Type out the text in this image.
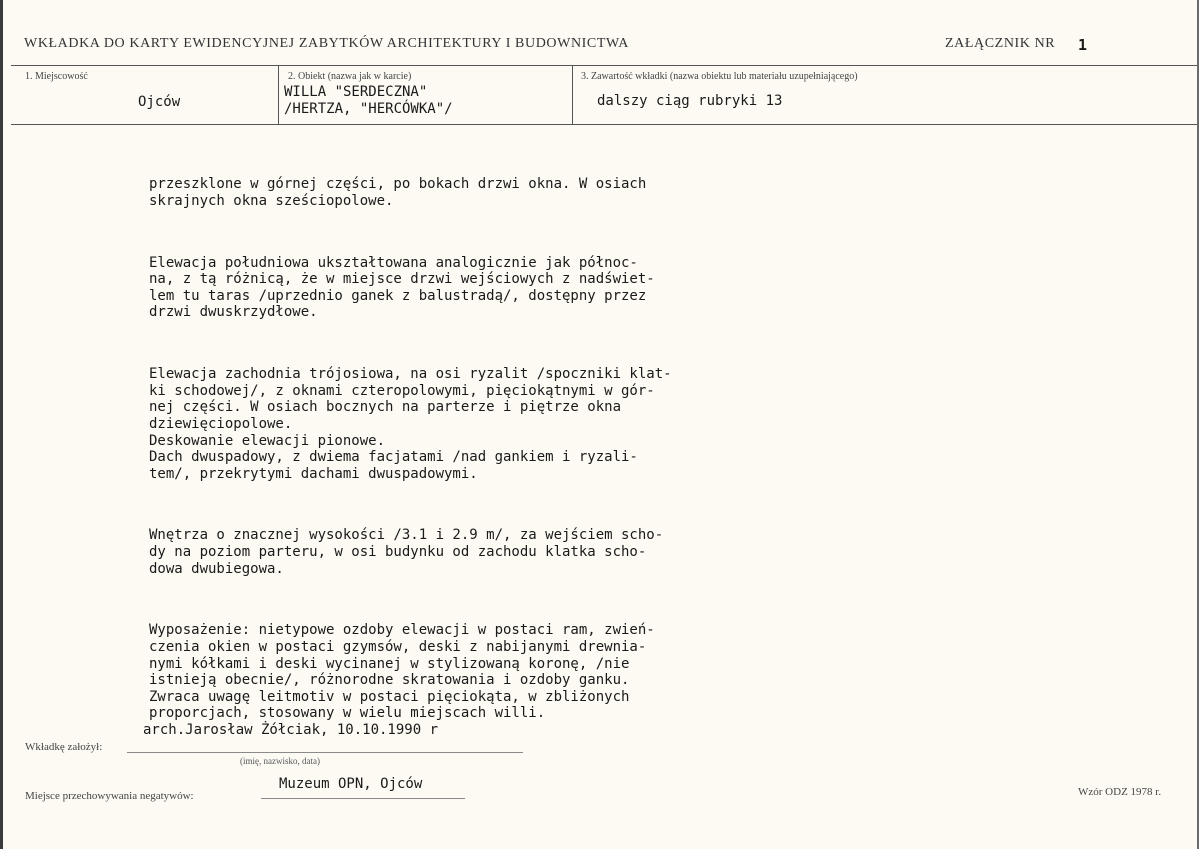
WKŁADKA DO KARTY EWIDENCYJNEJ ZABYTKÓW ARCHITEKTURY I BUDOWNICTWA	ZAŁĄCZNIK NR 1
1. Miejscowość
Ojców
2. Obiekt (nazwa jak w karcie)
WILLA "SERDECZNA"
/HERTZA, "HERCÓWKA"/
3. Zawartość wkładki (nazwa obiektu lub materiału uzupełniającego)
dalszy ciąg rubryki 13

przeszklone w górnej części, po bokach drzwi okna. W osiach
skrajnych okna sześciopolowe.

Elewacja południowa ukształtowana analogicznie jak północ-
na, z tą różnicą, że w miejsce drzwi wejściowych z nadświet-
lem tu taras /uprzednio ganek z balustradą/, dostępny przez
drzwi dwuskrzydłowe.

Elewacja zachodnia trójosiowa, na osi ryzalit /spoczniki klat-
ki schodowej/, z oknami czteropolowymi, pięciokątnymi w gór-
nej części. W osiach bocznych na parterze i piętrze okna
dziewięciopolowe.
Deskowanie elewacji pionowe.
Dach dwuspadowy, z dwiema facjatami /nad gankiem i ryzali-
tem/, przekrytymi dachami dwuspadowymi.

Wnętrza o znacznej wysokości /3.1 i 2.9 m/, za wejściem scho-
dy na poziom parteru, w osi budynku od zachodu klatka scho-
dowa dwubiegowa.

Wyposażenie: nietypowe ozdoby elewacji w postaci ram, zwień-
czenia okien w postaci gzymsów, deski z nabijanymi drewnia-
nymi kółkami i deski wycinanej w stylizowaną koronę, /nie
istnieją obecnie/, różnorodne skratowania i ozdoby ganku.
Zwraca uwagę leitmotiv w postaci pięciokąta, w zbliżonych
proporcjach, stosowany w wielu miejscach willi.

arch.Jarosław Żółciak, 10.10.1990 r
Wkładkę założył:
(imię, nazwisko, data)
Muzeum OPN, Ojców
Miejsce przechowywania negatywów:	Wzór ODZ 1978 r.
